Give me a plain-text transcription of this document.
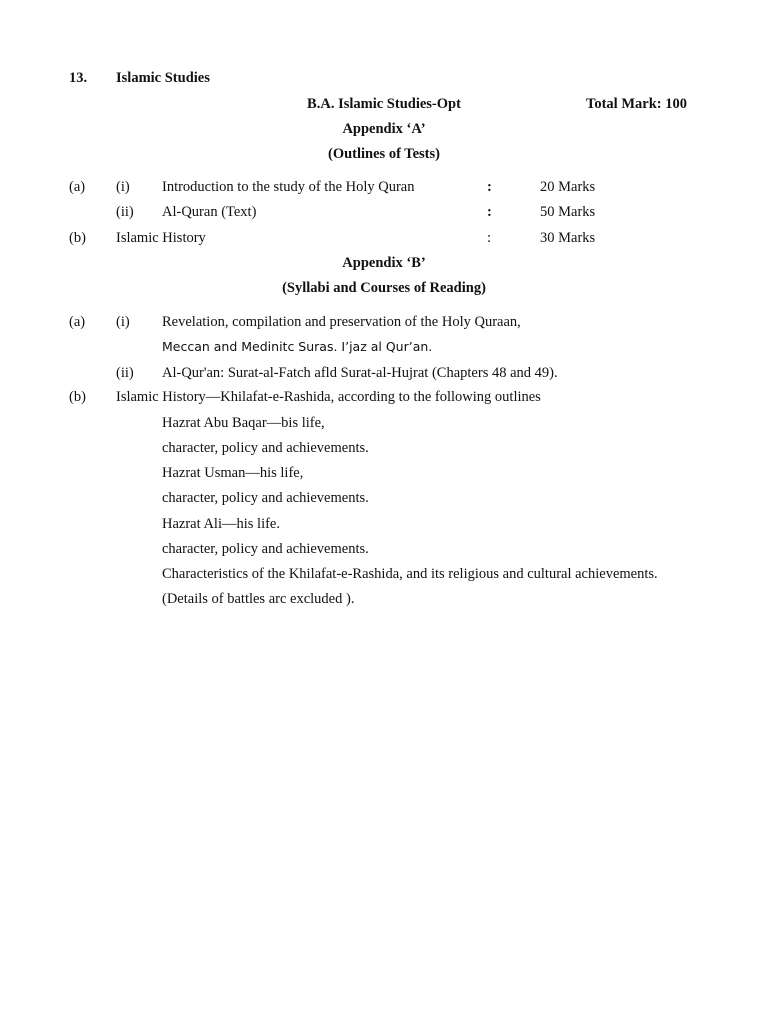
13. Islamic Studies
B.A. Islamic Studies-Opt	Total Mark: 100
Appendix ‘A’
(Outlines of Tests)
(a) (i) Introduction to the study of the Holy Quran	:	20 Marks
(ii) Al-Quran (Text)	:	50 Marks
(b) Islamic History	:	30 Marks
Appendix ‘B’
(Syllabi and Courses of Reading)
(a) (i) Revelation, compilation and preservation of the Holy Quraan,
Meccan and Medinitc Suras. I’jaz al Qur’an.
(ii) Al-Qur'an: Surat-al-Fatch afld Surat-al-Hujrat (Chapters 48 and 49).
(b) Islamic History—Khilafat-e-Rashida, according to the following outlines
Hazrat Abu Baqar—bis life,
character, policy and achievements.
Hazrat Usman—his life,
character, policy and achievements.
Hazrat Ali—his life.
character, policy and achievements.
Characteristics of the Khilafat-e-Rashida, and its religious and cultural achievements.
(Details of battles arc excluded ).
